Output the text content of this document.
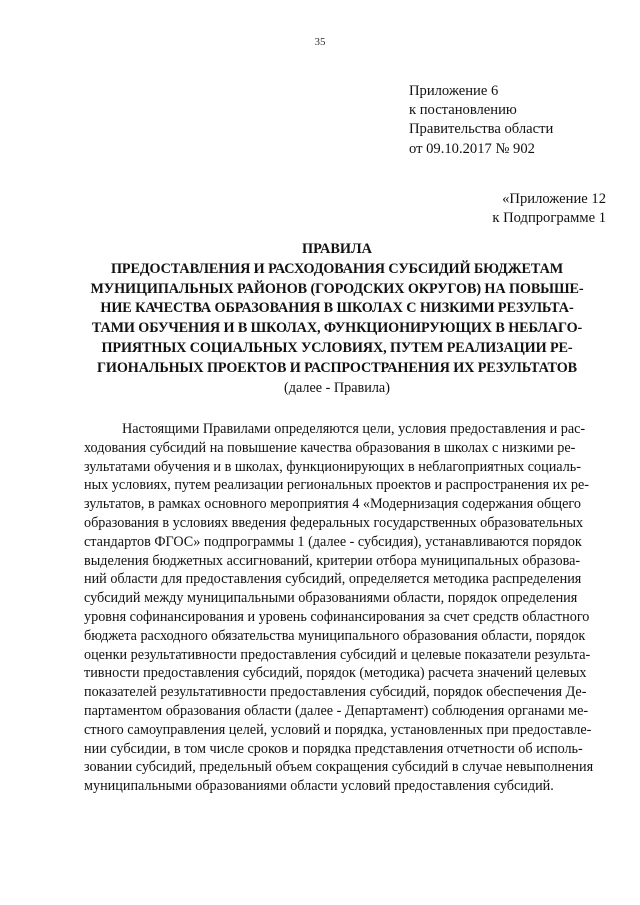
35
Приложение 6
к постановлению
Правительства области
от 09.10.2017 № 902
«Приложение 12
к Подпрограмме 1
ПРАВИЛА
ПРЕДОСТАВЛЕНИЯ И РАСХОДОВАНИЯ СУБСИДИЙ БЮДЖЕТАМ
МУНИЦИПАЛЬНЫХ РАЙОНОВ (ГОРОДСКИХ ОКРУГОВ) НА ПОВЫШЕ-
НИЕ КАЧЕСТВА ОБРАЗОВАНИЯ В ШКОЛАХ С НИЗКИМИ РЕЗУЛЬТА-
ТАМИ ОБУЧЕНИЯ И В ШКОЛАХ, ФУНКЦИОНИРУЮЩИХ В НЕБЛАГО-
ПРИЯТНЫХ СОЦИАЛЬНЫХ УСЛОВИЯХ, ПУТЕМ РЕАЛИЗАЦИИ РЕ-
ГИОНАЛЬНЫХ ПРОЕКТОВ И РАСПРОСТРАНЕНИЯ ИХ РЕЗУЛЬТАТОВ
(далее - Правила)
Настоящими Правилами определяются цели, условия предоставления и рас-
ходования субсидий на повышение качества образования в школах с низкими ре-
зультатами обучения и в школах, функционирующих в неблагоприятных социаль-
ных условиях, путем реализации региональных проектов и распространения их ре-
зультатов, в рамках основного мероприятия 4 «Модернизация содержания общего
образования в условиях введения федеральных государственных образовательных
стандартов ФГОС» подпрограммы 1 (далее - субсидия), устанавливаются порядок
выделения бюджетных ассигнований, критерии отбора муниципальных образова-
ний области для предоставления субсидий, определяется методика распределения
субсидий между муниципальными образованиями области, порядок определения
уровня софинансирования и уровень софинансирования за счет средств областного
бюджета расходного обязательства муниципального образования области, порядок
оценки результативности предоставления субсидий и целевые показатели результа-
тивности предоставления субсидий, порядок (методика) расчета значений целевых
показателей результативности предоставления субсидий, порядок обеспечения Де-
партаментом образования области (далее - Департамент) соблюдения органами ме-
стного самоуправления целей, условий и порядка, установленных при предоставле-
нии субсидии, в том числе сроков и порядка представления отчетности об исполь-
зовании субсидий, предельный объем сокращения субсидий в случае невыполнения
муниципальными образованиями области условий предоставления субсидий.
